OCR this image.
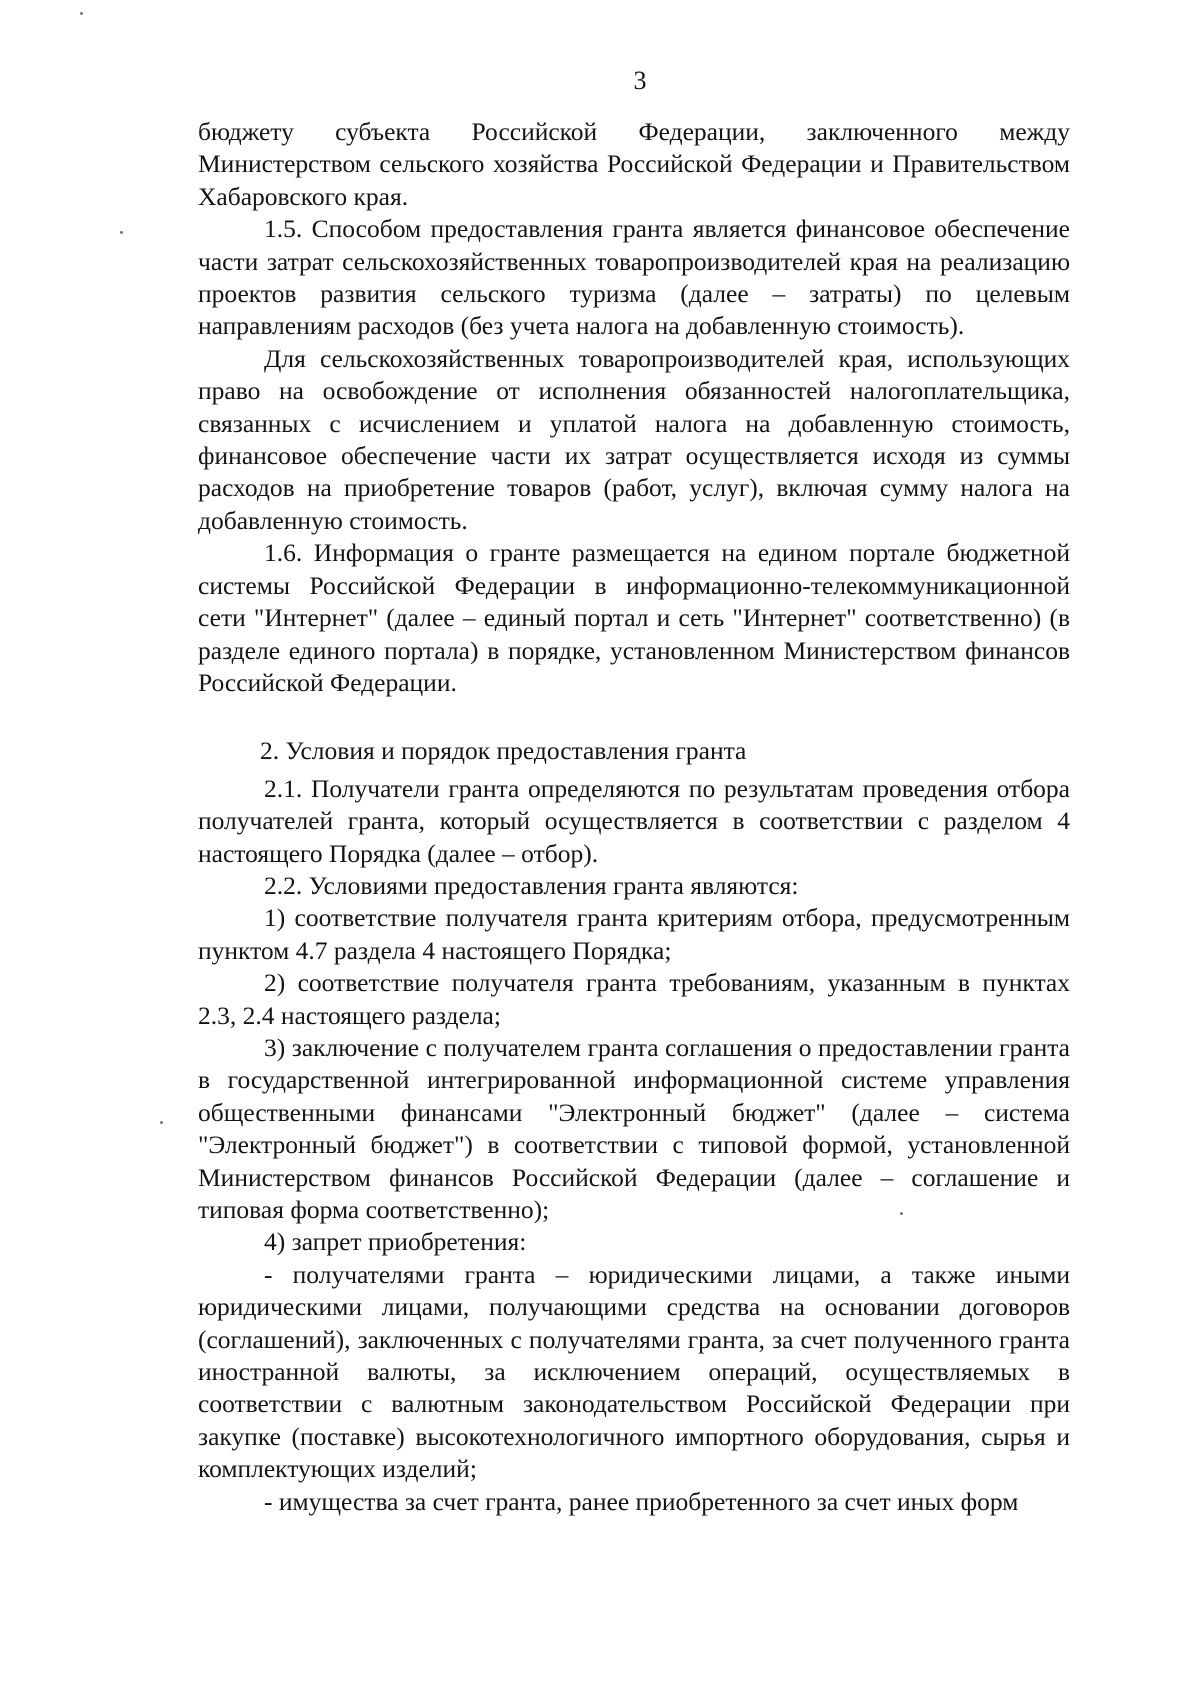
3

бюджету субъекта Российской Федерации, заключенного между Министерством сельского хозяйства Российской Федерации и Правительством Хабаровского края.

1.5. Способом предоставления гранта является финансовое обеспечение части затрат сельскохозяйственных товаропроизводителей края на реализацию проектов развития сельского туризма (далее – затраты) по целевым направлениям расходов (без учета налога на добавленную стоимость).

Для сельскохозяйственных товаропроизводителей края, использующих право на освобождение от исполнения обязанностей налогоплательщика, связанных с исчислением и уплатой налога на добавленную стоимость, финансовое обеспечение части их затрат осуществляется исходя из суммы расходов на приобретение товаров (работ, услуг), включая сумму налога на добавленную стоимость.

1.6. Информация о гранте размещается на едином портале бюджетной системы Российской Федерации в информационно-телекоммуникационной сети "Интернет" (далее – единый портал и сеть "Интернет" соответственно) (в разделе единого портала) в порядке, установленном Министерством финансов Российской Федерации.

2. Условия и порядок предоставления гранта

2.1. Получатели гранта определяются по результатам проведения отбора получателей гранта, который осуществляется в соответствии с разделом 4 настоящего Порядка (далее – отбор).

2.2. Условиями предоставления гранта являются:

1) соответствие получателя гранта критериям отбора, предусмотренным пунктом 4.7 раздела 4 настоящего Порядка;

2) соответствие получателя гранта требованиям, указанным в пунктах 2.3, 2.4 настоящего раздела;

3) заключение с получателем гранта соглашения о предоставлении гранта в государственной интегрированной информационной системе управления общественными финансами "Электронный бюджет" (далее – система "Электронный бюджет") в соответствии с типовой формой, установленной Министерством финансов Российской Федерации (далее – соглашение и типовая форма соответственно);

4) запрет приобретения:

- получателями гранта – юридическими лицами, а также иными юридическими лицами, получающими средства на основании договоров (соглашений), заключенных с получателями гранта, за счет полученного гранта иностранной валюты, за исключением операций, осуществляемых в соответствии с валютным законодательством Российской Федерации при закупке (поставке) высокотехнологичного импортного оборудования, сырья и комплектующих изделий;

- имущества за счет гранта, ранее приобретенного за счет иных форм
